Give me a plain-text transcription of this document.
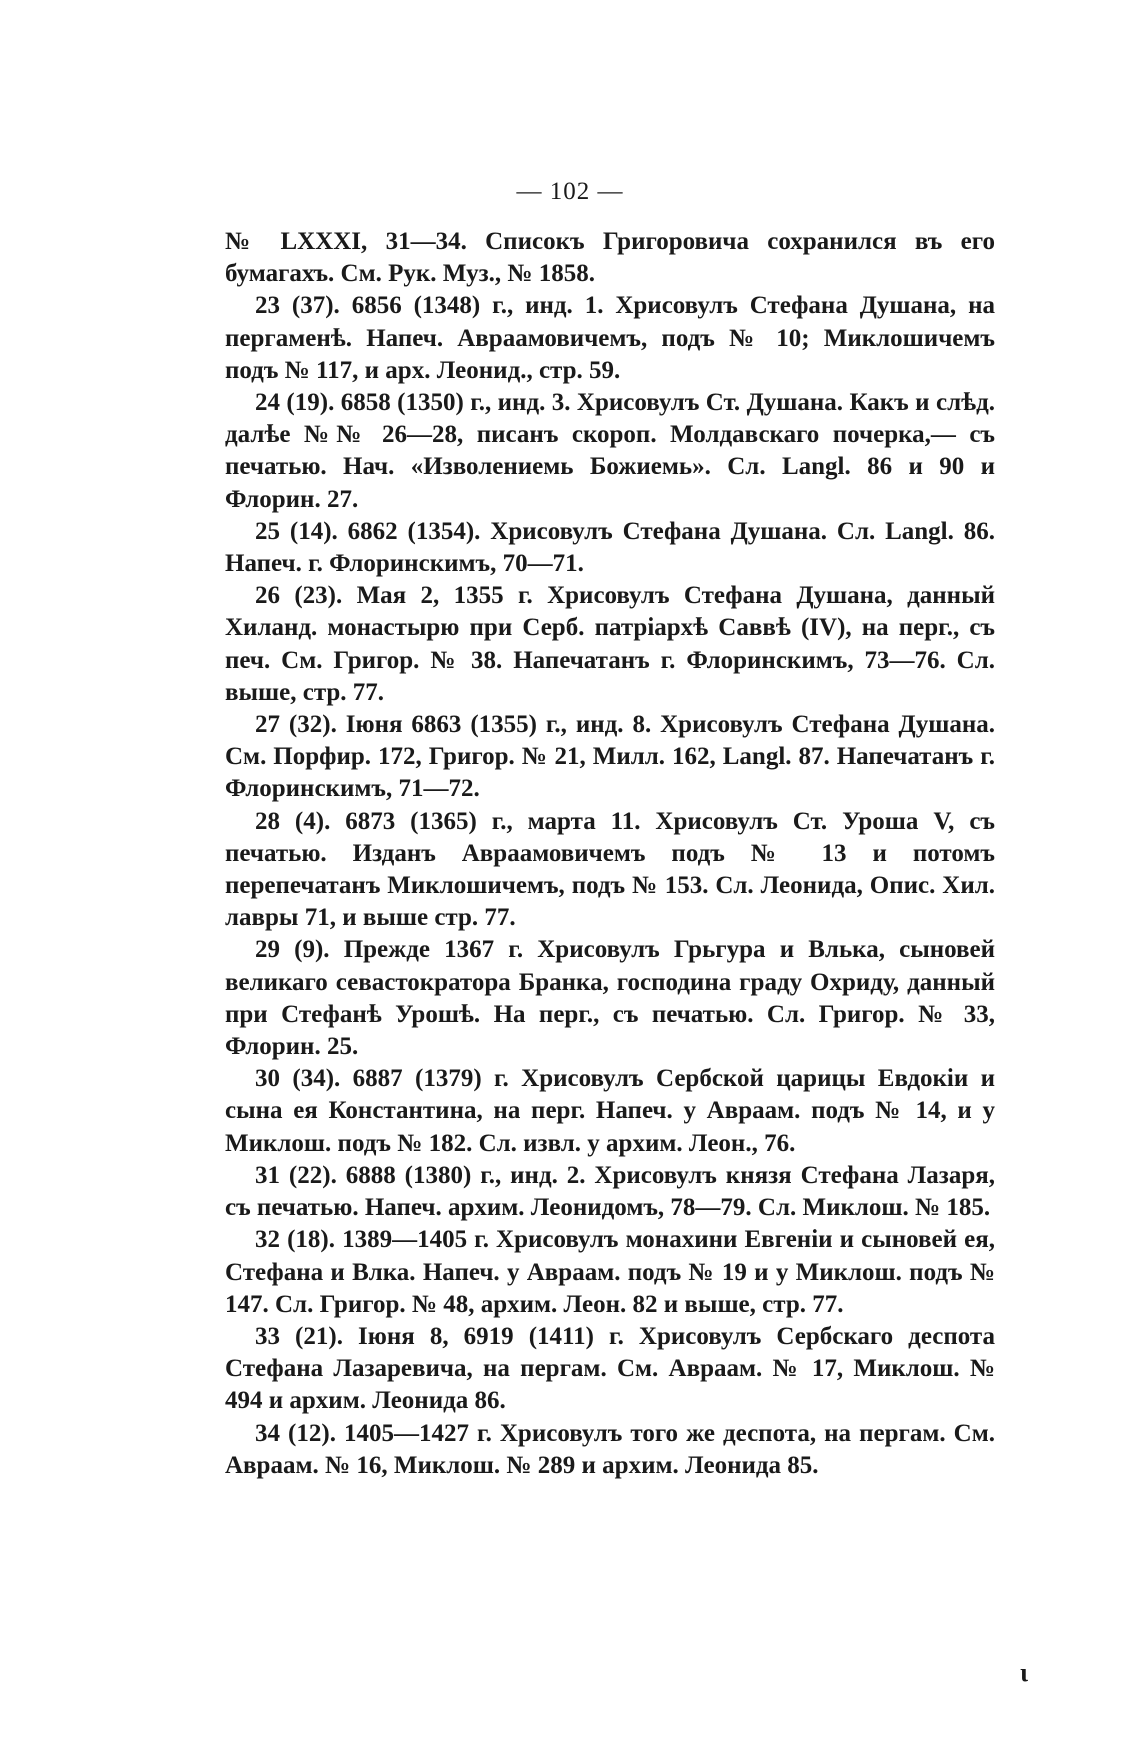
— 102 —

№ LXXXI, 31—34. Списокъ Григоровича сохранился въ его бумагахъ. См. Рук. Муз., № 1858.

23 (37). 6856 (1348) г., инд. 1. Хрисовулъ Стефана Душана, на пергаменѣ. Напеч. Авраамовичемъ, подъ № 10; Миклошичемъ подъ № 117, и арх. Леонид., стр. 59.

24 (19). 6858 (1350) г., инд. 3. Хрисовулъ Ст. Душана. Какъ и слѣд. далѣе №№ 26—28, писанъ скороп. Молдавскаго почерка,— съ печатью. Нач. «Изволениемь Божиемь». Сл. Langl. 86 и 90 и Флорин. 27.

25 (14). 6862 (1354). Хрисовулъ Стефана Душана. Сл. Langl. 86. Напеч. г. Флоринскимъ, 70—71.

26 (23). Мая 2, 1355 г. Хрисовулъ Стефана Душана, данный Хиланд. монастырю при Серб. патріархѣ Саввѣ (IV), на перг., съ печ. См. Григор. № 38. Напечатанъ г. Флоринскимъ, 73—76. Сл. выше, стр. 77.

27 (32). Іюня 6863 (1355) г., инд. 8. Хрисовулъ Стефана Душана. См. Порфир. 172, Григор. № 21, Милл. 162, Langl. 87. Напечатанъ г. Флоринскимъ, 71—72.

28 (4). 6873 (1365) г., марта 11. Хрисовулъ Ст. Уроша V, съ печатью. Изданъ Авраамовичемъ подъ № 13 и потомъ перепечатанъ Миклошичемъ, подъ № 153. Сл. Леонида, Опис. Хил. лавры 71, и выше стр. 77.

29 (9). Прежде 1367 г. Хрисовулъ Грьгура и Влька, сыновей великаго севастократора Бранка, господина граду Охриду, данный при Стефанѣ Урошѣ. На перг., съ печатью. Сл. Григор. № 33, Флорин. 25.

30 (34). 6887 (1379) г. Хрисовулъ Сербской царицы Евдокіи и сына ея Константина, на перг. Напеч. у Авраам. подъ № 14, и у Миклош. подъ № 182. Сл. извл. у архим. Леон., 76.

31 (22). 6888 (1380) г., инд. 2. Хрисовулъ князя Стефана Лазаря, съ печатью. Напеч. архим. Леонидомъ, 78—79. Сл. Миклош. № 185.

32 (18). 1389—1405 г. Хрисовулъ монахини Евгеніи и сыновей ея, Стефана и Влка. Напеч. у Авраам. подъ № 19 и у Миклош. подъ № 147. Сл. Григор. № 48, архим. Леон. 82 и выше, стр. 77.

33 (21). Іюня 8, 6919 (1411) г. Хрисовулъ Сербскаго деспота Стефана Лазаревича, на пергам. См. Авраам. № 17, Миклош. № 494 и архим. Леонида 86.

34 (12). 1405—1427 г. Хрисовулъ того же деспота, на пергам. См. Авраам. № 16, Миклош. № 289 и архим. Леонида 85.

ι
